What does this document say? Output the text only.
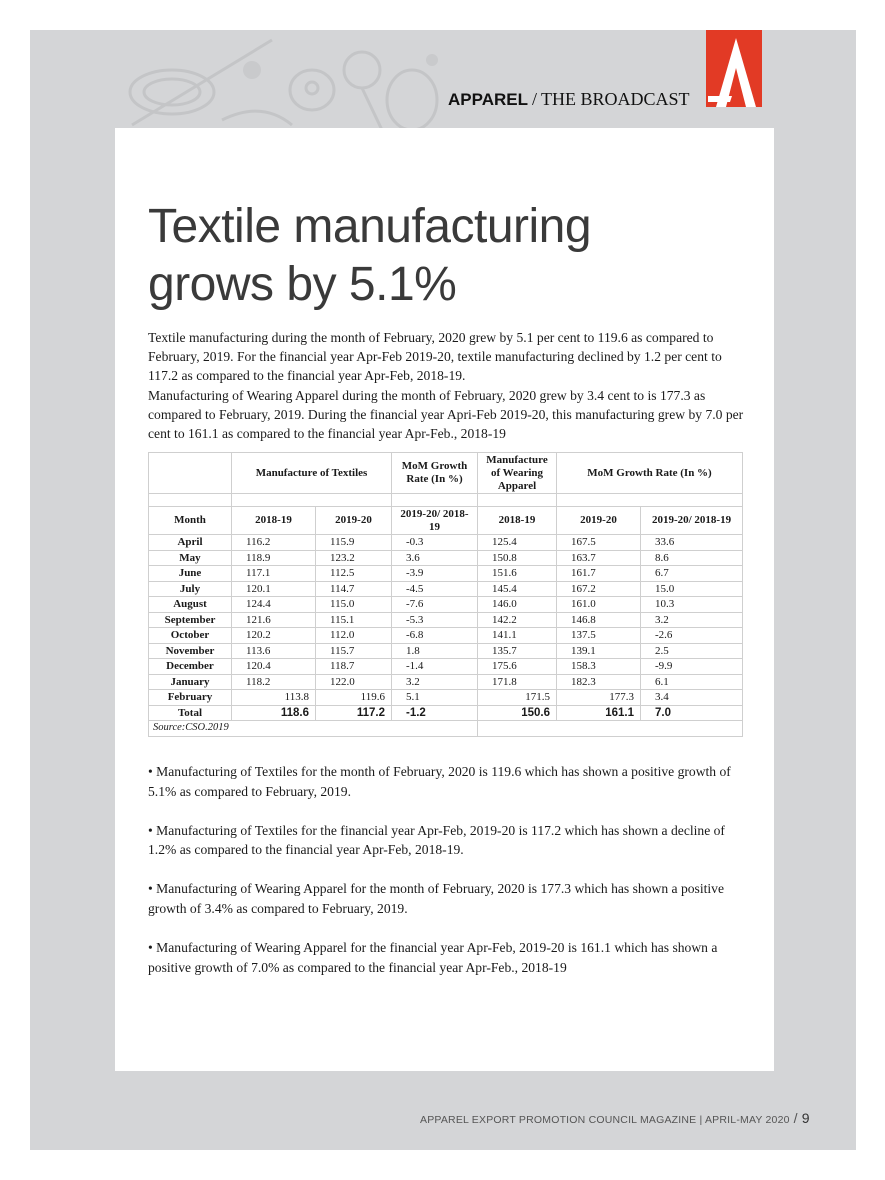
APPAREL / THE BROADCAST
Textile manufacturing
grows by 5.1%

Textile manufacturing during the month of February, 2020 grew by 5.1 per cent to 119.6 as compared to February, 2019. For the financial year Apr-Feb 2019-20, textile manufacturing declined by 1.2 per cent to 117.2 as compared to the financial year Apr-Feb, 2018-19.

Manufacturing of Wearing Apparel during the month of February, 2020 grew by 3.4 cent to is 177.3 as compared to February, 2019. During the financial year Apri-Feb 2019-20, this manufacturing grew by 7.0 per cent to 161.1 as compared to the financial year Apr-Feb., 2018-19

	Manufacture of Textiles		MoM Growth Rate (In %)	Manufacture of Wearing Apparel	MoM Growth Rate (In %)	

Month	2018-19	2019-20	2019-20/ 2018-19	2018-19	2019-20	2019-20/ 2018-19
April	116.2	115.9	-0.3	125.4	167.5	33.6
May	118.9	123.2	3.6	150.8	163.7	8.6
June	117.1	112.5	-3.9	151.6	161.7	6.7
July	120.1	114.7	-4.5	145.4	167.2	15.0
August	124.4	115.0	-7.6	146.0	161.0	10.3
September	121.6	115.1	-5.3	142.2	146.8	3.2
October	120.2	112.0	-6.8	141.1	137.5	-2.6
November	113.6	115.7	1.8	135.7	139.1	2.5
December	120.4	118.7	-1.4	175.6	158.3	-9.9
January	118.2	122.0	3.2	171.8	182.3	6.1
February	113.8	119.6	5.1	171.5	177.3	3.4
Total	118.6	117.2	-1.2	150.6	161.1	7.0
Source:CSO.2019						

• Manufacturing of Textiles for the month of February, 2020 is 119.6 which has shown a positive growth of 5.1% as compared to February, 2019.

• Manufacturing of Textiles for the financial year Apr-Feb, 2019-20 is 117.2 which has shown a decline of 1.2% as compared to the financial year Apr-Feb, 2018-19.

• Manufacturing of Wearing Apparel for the month of February, 2020 is 177.3 which has shown a positive growth of 3.4% as compared to February, 2019.

• Manufacturing of Wearing Apparel for the financial year Apr-Feb, 2019-20 is 161.1 which has shown a positive growth of 7.0% as compared to the financial year Apr-Feb., 2018-19

APPAREL EXPORT PROMOTION COUNCIL MAGAZINE | APRIL-MAY 2020 / 9
